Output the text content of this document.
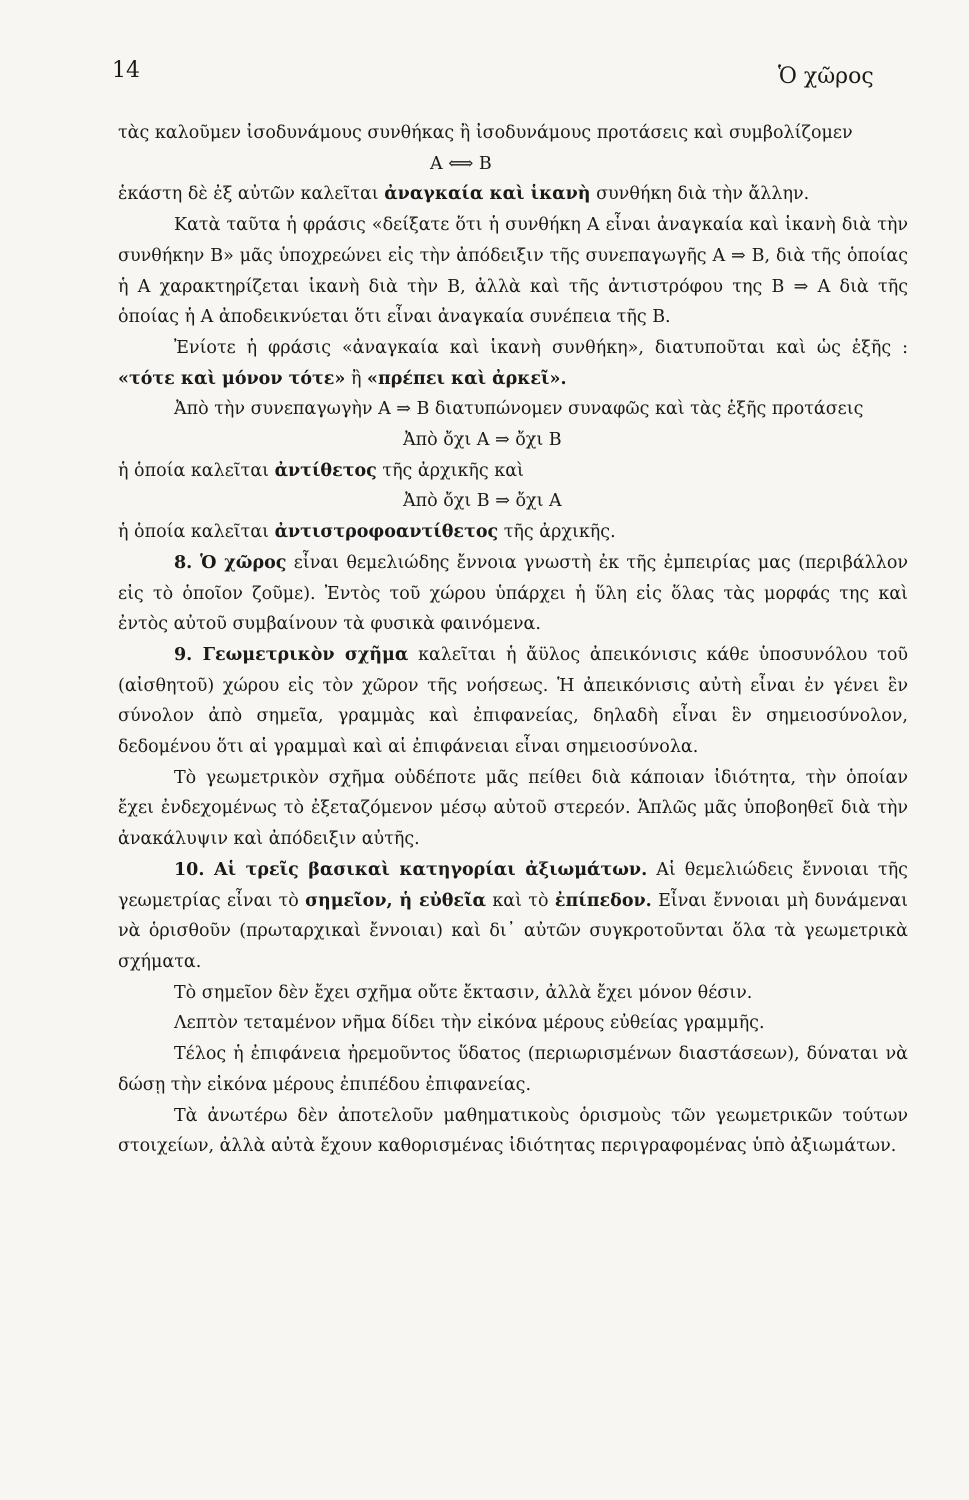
14	Ὁ χῶρος

τὰς καλοῦμεν ἰσοδυνάμους συνθήκας ἢ ἰσοδυνάμους προτάσεις καὶ συμβολίζομεν

Α ⟺ Β

ἑκάστη δὲ ἐξ αὐτῶν καλεῖται ἀναγκαία καὶ ἱκανὴ συνθήκη διὰ τὴν ἄλλην.

Κατὰ ταῦτα ἡ φράσις «δείξατε ὅτι ἡ συνθήκη Α εἶναι ἀναγκαία καὶ ἱκανὴ διὰ τὴν συνθήκην Β» μᾶς ὑποχρεώνει εἰς τὴν ἀπόδειξιν τῆς συνεπαγωγῆς Α ⇒ Β, διὰ τῆς ὁποίας ἡ Α χαρακτηρίζεται ἱκανὴ διὰ τὴν Β, ἀλλὰ καὶ τῆς ἀντιστρόφου της Β ⇒ Α διὰ τῆς ὁποίας ἡ Α ἀποδεικνύεται ὅτι εἶναι ἀναγκαία συνέπεια τῆς Β.

Ἐνίοτε ἡ φράσις «ἀναγκαία καὶ ἱκανὴ συνθήκη», διατυποῦται καὶ ὡς ἑξῆς : «τότε καὶ μόνον τότε» ἢ «πρέπει καὶ ἀρκεῖ».

Ἀπὸ τὴν συνεπαγωγὴν Α ⇒ Β διατυπώνομεν συναφῶς καὶ τὰς ἑξῆς προτάσεις

Ἀπὸ ὄχι Α ⇒ ὄχι Β

ἡ ὁποία καλεῖται ἀντίθετος τῆς ἀρχικῆς καὶ

Ἀπὸ ὄχι Β ⇒ ὄχι Α

ἡ ὁποία καλεῖται ἀντιστροφοαντίθετος τῆς ἀρχικῆς.

8. Ὁ χῶρος εἶναι θεμελιώδης ἔννοια γνωστὴ ἐκ τῆς ἐμπειρίας μας (περιβάλλον εἰς τὸ ὁποῖον ζοῦμε). Ἐντὸς τοῦ χώρου ὑπάρχει ἡ ὕλη εἰς ὅλας τὰς μορφάς της καὶ ἐντὸς αὐτοῦ συμβαίνουν τὰ φυσικὰ φαινόμενα.

9. Γεωμετρικὸν σχῆμα καλεῖται ἡ ἄϋλος ἀπεικόνισις κάθε ὑποσυνόλου τοῦ (αἰσθητοῦ) χώρου εἰς τὸν χῶρον τῆς νοήσεως. Ἡ ἀπεικόνισις αὐτὴ εἶναι ἐν γένει ἓν σύνολον ἀπὸ σημεῖα, γραμμὰς καὶ ἐπιφανείας, δηλαδὴ εἶναι ἓν σημειοσύνολον, δεδομένου ὅτι αἱ γραμμαὶ καὶ αἱ ἐπιφάνειαι εἶναι σημειοσύνολα.

Τὸ γεωμετρικὸν σχῆμα οὐδέποτε μᾶς πείθει διὰ κάποιαν ἰδιότητα, τὴν ὁποίαν ἔχει ἐνδεχομένως τὸ ἐξεταζόμενον μέσῳ αὐτοῦ στερεόν. Ἁπλῶς μᾶς ὑποβοηθεῖ διὰ τὴν ἀνακάλυψιν καὶ ἀπόδειξιν αὐτῆς.

10. Αἱ τρεῖς βασικαὶ κατηγορίαι ἀξιωμάτων. Αἱ θεμελιώδεις ἔννοιαι τῆς γεωμετρίας εἶναι τὸ σημεῖον, ἡ εὐθεῖα καὶ τὸ ἐπίπεδον. Εἶναι ἔννοιαι μὴ δυνάμεναι νὰ ὁρισθοῦν (πρωταρχικαὶ ἔννοιαι) καὶ δι᾽ αὐτῶν συγκροτοῦνται ὅλα τὰ γεωμετρικὰ σχήματα.

Τὸ σημεῖον δὲν ἔχει σχῆμα οὔτε ἔκτασιν, ἀλλὰ ἔχει μόνον θέσιν.

Λεπτὸν τεταμένον νῆμα δίδει τὴν εἰκόνα μέρους εὐθείας γραμμῆς.

Τέλος ἡ ἐπιφάνεια ἠρεμοῦντος ὕδατος (περιωρισμένων διαστάσεων), δύναται νὰ δώσῃ τὴν εἰκόνα μέρους ἐπιπέδου ἐπιφανείας.

Τὰ ἀνωτέρω δὲν ἀποτελοῦν μαθηματικοὺς ὁρισμοὺς τῶν γεωμετρικῶν τούτων στοιχείων, ἀλλὰ αὐτὰ ἔχουν καθορισμένας ἰδιότητας περιγραφομένας ὑπὸ ἀξιωμάτων.
